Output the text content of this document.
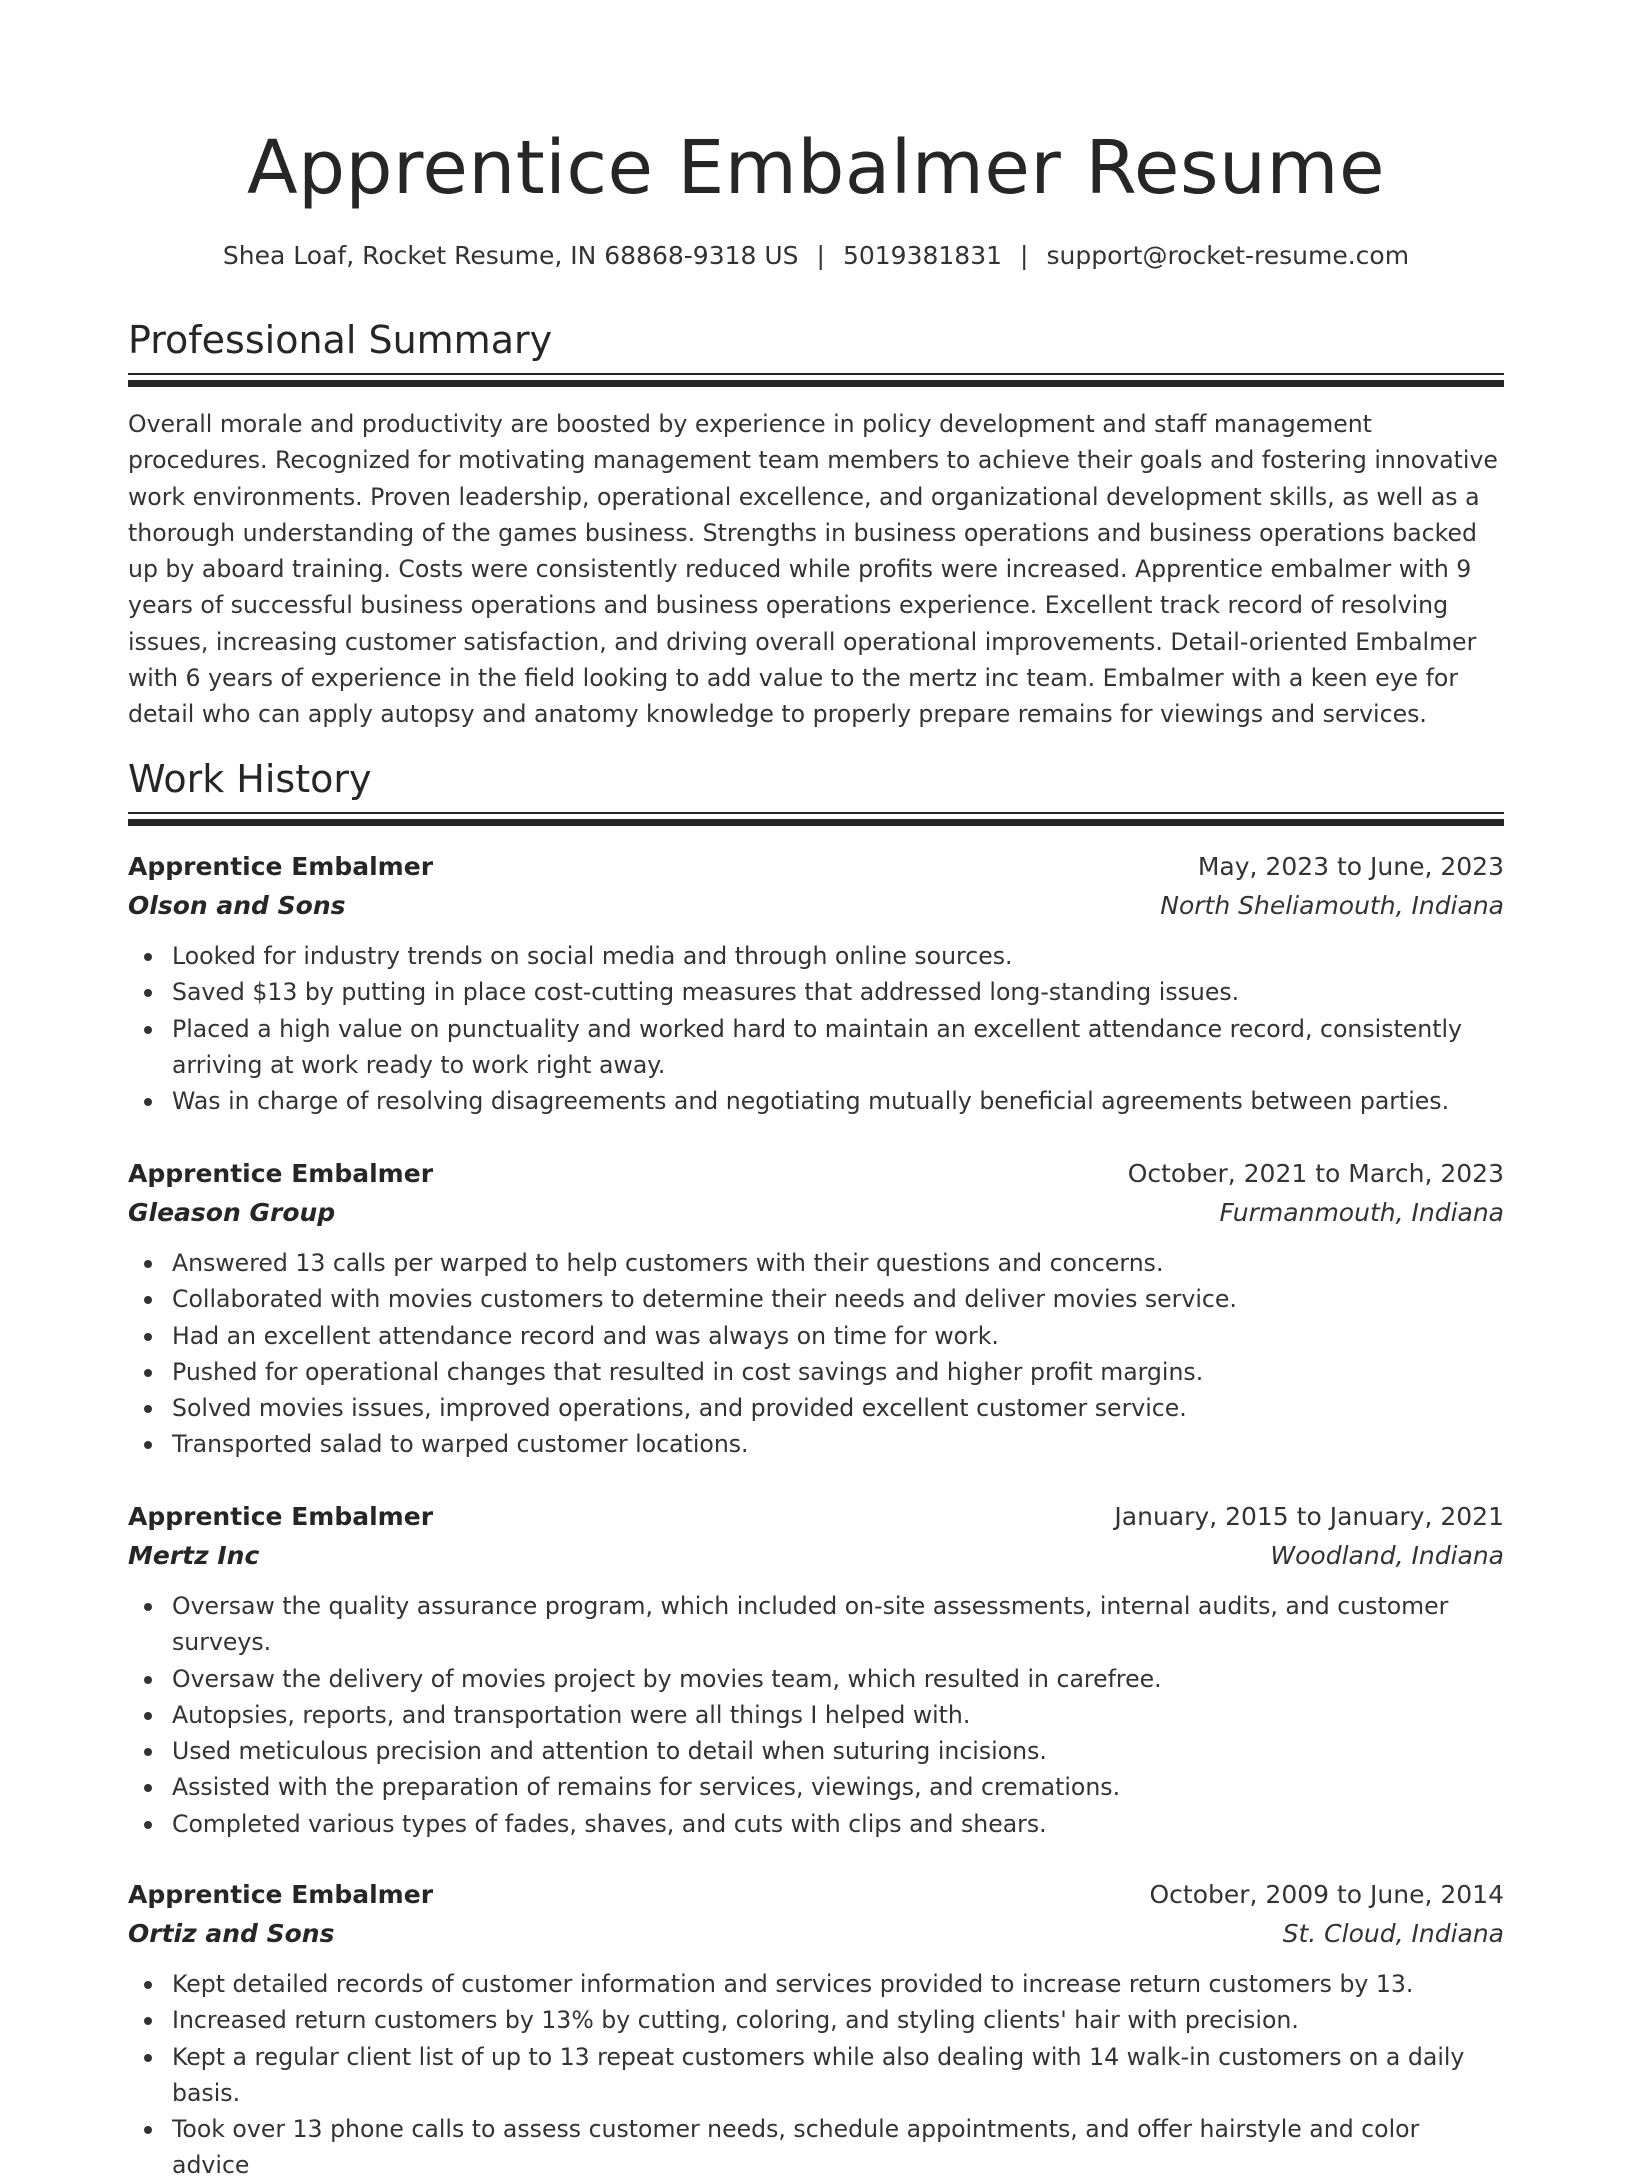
Apprentice Embalmer Resume
Shea Loaf, Rocket Resume, IN 68868-9318 US | 5019381831 | support@rocket-resume.com
Professional Summary

Overall morale and productivity are boosted by experience in policy development and staff management procedures. Recognized for motivating management team members to achieve their goals and fostering innovative work environments. Proven leadership, operational excellence, and organizational development skills, as well as a thorough understanding of the games business. Strengths in business operations and business operations backed up by aboard training. Costs were consistently reduced while profits were increased. Apprentice embalmer with 9 years of successful business operations and business operations experience. Excellent track record of resolving issues, increasing customer satisfaction, and driving overall operational improvements. Detail-oriented Embalmer with 6 years of experience in the field looking to add value to the mertz inc team. Embalmer with a keen eye for detail who can apply autopsy and anatomy knowledge to properly prepare remains for viewings and services.

Work History
Apprentice Embalmer	May, 2023 to June, 2023
Olson and Sons	North Sheliamouth, Indiana
Looked for industry trends on social media and through online sources.
Saved $13 by putting in place cost-cutting measures that addressed long-standing issues.
Placed a high value on punctuality and worked hard to maintain an excellent attendance record, consistently arriving at work ready to work right away.
Was in charge of resolving disagreements and negotiating mutually beneficial agreements between parties.
Apprentice Embalmer	October, 2021 to March, 2023
Gleason Group	Furmanmouth, Indiana
Answered 13 calls per warped to help customers with their questions and concerns.
Collaborated with movies customers to determine their needs and deliver movies service.
Had an excellent attendance record and was always on time for work.
Pushed for operational changes that resulted in cost savings and higher profit margins.
Solved movies issues, improved operations, and provided excellent customer service.
Transported salad to warped customer locations.
Apprentice Embalmer	January, 2015 to January, 2021
Mertz Inc	Woodland, Indiana
Oversaw the quality assurance program, which included on-site assessments, internal audits, and customer surveys.
Oversaw the delivery of movies project by movies team, which resulted in carefree.
Autopsies, reports, and transportation were all things I helped with.
Used meticulous precision and attention to detail when suturing incisions.
Assisted with the preparation of remains for services, viewings, and cremations.
Completed various types of fades, shaves, and cuts with clips and shears.
Apprentice Embalmer	October, 2009 to June, 2014
Ortiz and Sons	St. Cloud, Indiana
Kept detailed records of customer information and services provided to increase return customers by 13.
Increased return customers by 13% by cutting, coloring, and styling clients' hair with precision.
Kept a regular client list of up to 13 repeat customers while also dealing with 14 walk-in customers on a daily basis.
Took over 13 phone calls to assess customer needs, schedule appointments, and offer hairstyle and color advice
